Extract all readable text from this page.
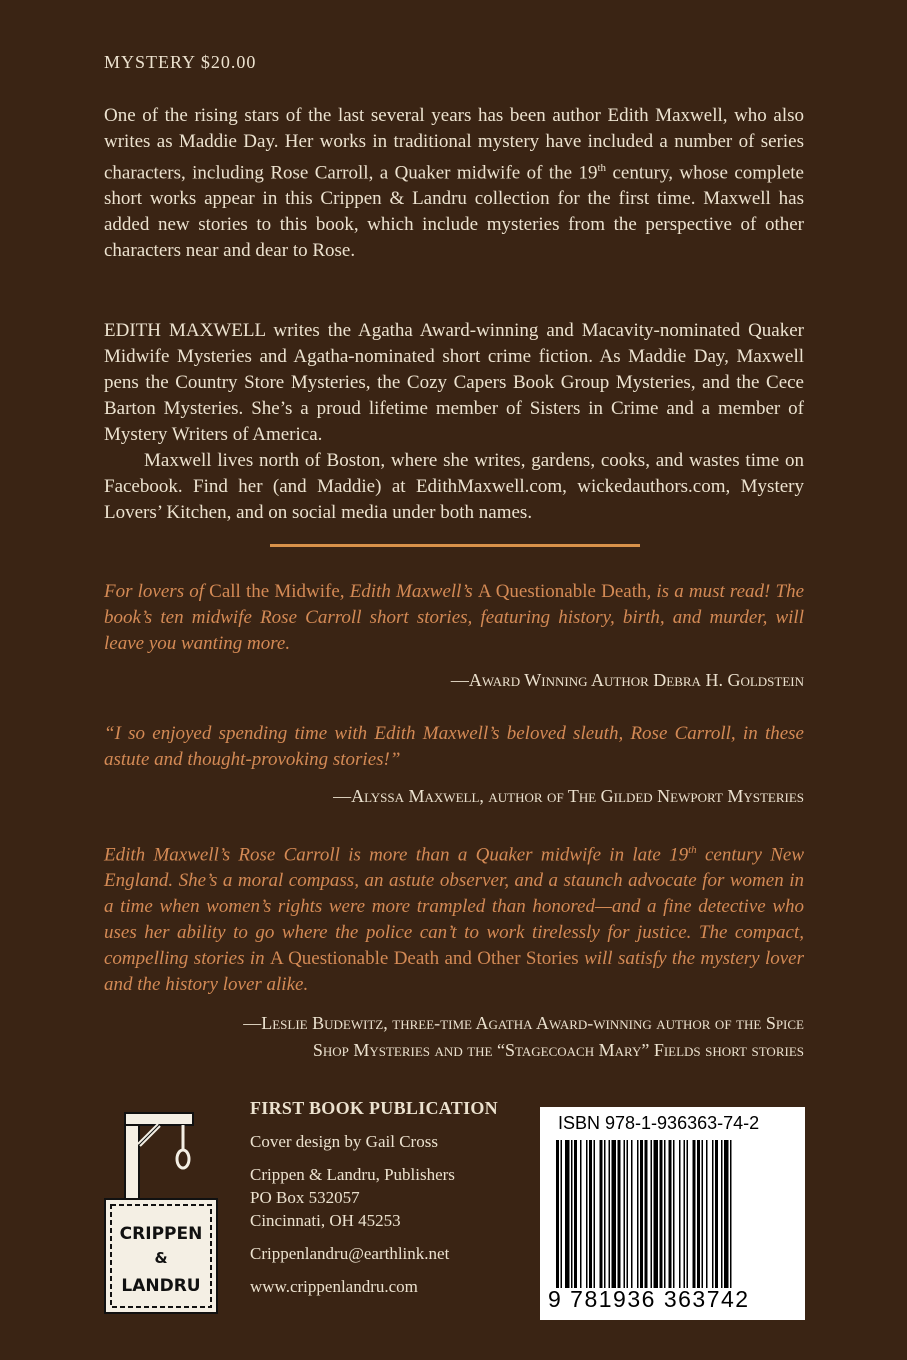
MYSTERY $20.00

One of the rising stars of the last several years has been author Edith Maxwell, who also writes as Maddie Day. Her works in traditional mystery have included a number of series characters, including Rose Carroll, a Quaker midwife of the 19th century, whose complete short works appear in this Crippen & Landru collection for the first time. Maxwell has added new stories to this book, which include mysteries from the perspective of other characters near and dear to Rose.

EDITH MAXWELL writes the Agatha Award-winning and Macavity-nominated Quaker Midwife Mysteries and Agatha-nominated short crime fiction. As Maddie Day, Maxwell pens the Country Store Mysteries, the Cozy Capers Book Group Mysteries, and the Cece Barton Mysteries. She’s a proud lifetime member of Sisters in Crime and a member of Mystery Writers of America.

Maxwell lives north of Boston, where she writes, gardens, cooks, and wastes time on Facebook. Find her (and Maddie) at EdithMaxwell.com, wickedauthors.com, Mystery Lovers’ Kitchen, and on social media under both names.

For lovers of Call the Midwife, Edith Maxwell’s A Questionable Death, is a must read! The book’s ten midwife Rose Carroll short stories, featuring history, birth, and murder, will leave you wanting more.
—Award Winning Author Debra H. Goldstein
“I so enjoyed spending time with Edith Maxwell’s beloved sleuth, Rose Carroll, in these astute and thought-provoking stories!”
—Alyssa Maxwell, author of The Gilded Newport Mysteries
Edith Maxwell’s Rose Carroll is more than a Quaker midwife in late 19th century New England. She’s a moral compass, an astute observer, and a staunch advocate for women in a time when women’s rights were more trampled than honored—and a fine detective who uses her ability to go where the police can’t to work tirelessly for justice. The compact, compelling stories in A Questionable Death and Other Stories will satisfy the mystery lover and the history lover alike.
—Leslie Budewitz, three-time Agatha Award-winning author of the Spice
Shop Mysteries and the “Stagecoach Mary” Fields short stories
CRIPPEN
&
LANDRU
FIRST BOOK PUBLICATION
Cover design by Gail Cross
Crippen & Landru, Publishers
PO Box 532057
Cincinnati, OH 45253
Crippenlandru@earthlink.net
www.crippenlandru.com
ISBN 978-1-936363-74-2
9 781936 363742
